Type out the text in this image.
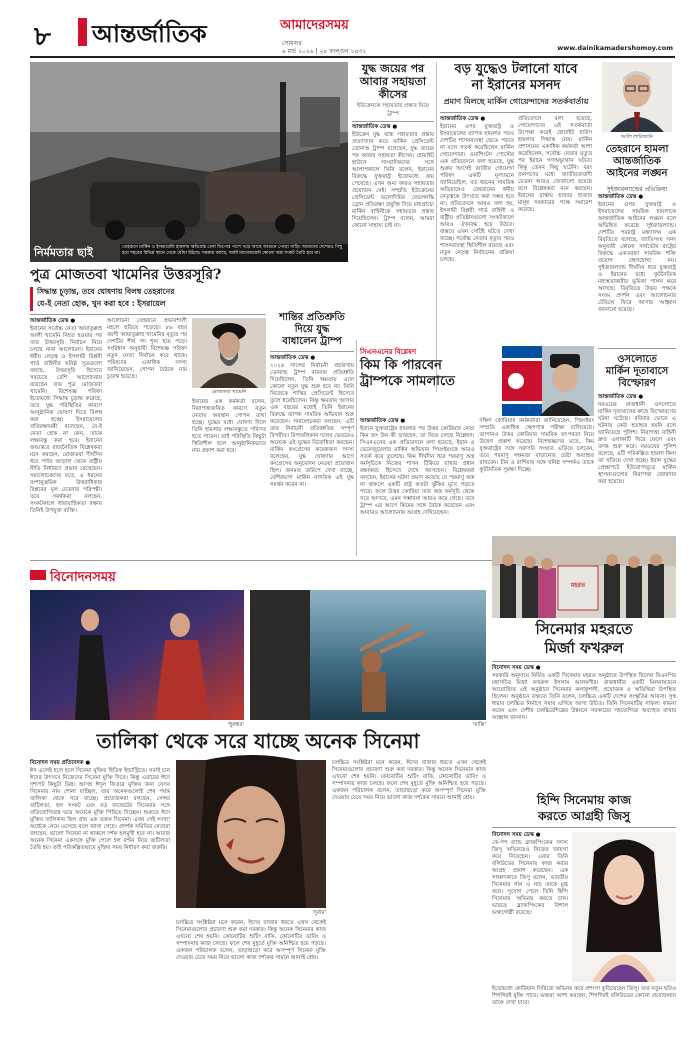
৮ আন্তর্জাতিক	আমাদেরসময়
সোমবার
৯ মার্চ ২০২৬ | ২৪ ফাল্গুন ১৪৩২	www.dainikamadershomoy.com
তেহরানে মার্কিন ও ইসরায়েলি হামলায় ক্ষতিগ্রস্ত তেল ডিপোর পাশে পড়ে আছে আগুনে পোড়া গাড়ি। আমাদের দেশেরও পিছু হয়ে শহরের বিভিন্ন স্থানে থেকে ধোঁয়া উঠছে। সরকার বলছে, আর্মি ম্যানেজমেন্ট কোনো অস্ত্র সংকট তৈরি হবে না।
নির্মমতার ছাই
যুদ্ধ জয়ের পর
আবার সহায়তা
কীসের
ইউক্রেনকে সহায়তার প্রস্তাব নিয়ে ট্রাম্প
আন্তর্জাতিক ডেস্ক ●
ইউক্রেন যুদ্ধ বন্ধে সহায়তার প্রস্তাব প্রত্যাখ্যান করে মার্কিন প্রেসিডেন্ট ডোনাল্ড ট্রাম্প বলেছেন, যুদ্ধ জয়ের পর আবার সহায়তা কীসের। হোয়াইট হাউসে সাংবাদিকদের সঙ্গে আলাপকালে তিনি বলেন, ইরানের বিরুদ্ধে যুক্তরাষ্ট্র ইতোমধ্যে জয় পেয়েছে। এখন অন্য কারও সহায়তার প্রয়োজন নেই। সম্প্রতি ইউক্রেনের প্রেসিডেন্ট ভলোদিমির জেলেনস্কি ড্রোন প্রতিরক্ষা প্রযুক্তি দিয়ে মধ্যপ্রাচ্যে মার্কিন বাহিনীকে সহায়তার প্রস্তাব দিয়েছিলেন। ট্রাম্প বলেন, আমরা কোনো সাহায্য চাই না।
বড় যুদ্ধেও টলানো যাবে
না ইরানের মসনদ
প্রমাণ মিলছে মার্কিন গোয়েন্দাদের সতর্কবার্তায়
আন্তর্জাতিক ডেস্ক ●
ইরানের ওপর যুক্তরাষ্ট্র ও ইসরায়েলের ব্যাপক হামলার পরও দেশটির শাসনব্যবস্থা ভেঙে পড়বে না বলে সতর্ক করেছিলেন মার্কিন গোয়েন্দারা। ওয়াশিংটন পোস্টের এক প্রতিবেদনে বলা হয়েছে, যুদ্ধ শুরুর আগেই জাতীয় গোয়েন্দা পরিষদ একটি মূল্যায়নে জানিয়েছিল, বড় ধরনের সামরিক অভিযানেও তেহরানের ধর্মীয় নেতৃত্বকে উৎখাত করা সম্ভব হবে না। প্রতিবেদনে আরও বলা হয়, ইসলামী বিপ্লবী গার্ড বাহিনী ও রাষ্ট্রীয় প্রতিষ্ঠানগুলো সংকটকালে আরও ঐক্যবদ্ধ হয়ে উঠবে। বাস্তবে এখন সেটিই ঘটতে দেখা যাচ্ছে। সর্বোচ্চ নেতার মৃত্যুর পরও শাসনব্যবস্থা স্থিতিশীল রয়েছে এবং নতুন নেতৃত্ব নির্বাচনের প্রক্রিয়া চলছে।
প্রতিবেদনে বলা হয়েছে, গোয়েন্দাদের এই সতর্কবার্তা উপেক্ষা করেই হোয়াইট হাউস হামলার সিদ্ধান্ত নেয়। মার্কিন প্রশাসনের একাধিক কর্মকর্তা আশা করেছিলেন, সর্বোচ্চ নেতার মৃত্যুর পর ইরানে গণঅভ্যুত্থান ঘটবে। কিন্তু তেমন কিছু ঘটেনি। বরং জনগণের মধ্যে জাতীয়তাবাদী চেতনা আরও জোরালো হয়েছে বলে বিশ্লেষকরা মনে করছেন। ইরানের রাস্তায় হাজার হাজার মানুষ সরকারের পক্ষে সমাবেশ করেছে।
আলি লারিজানি
তেহরানে হামলা
আন্তর্জাতিক
আইনের লঙ্ঘন
সুইজারল্যান্ডের প্রতিক্রিয়া
আন্তর্জাতিক ডেস্ক ●
ইরানের ওপর যুক্তরাষ্ট্র ও ইসরায়েলের সামরিক হামলাকে আন্তর্জাতিক আইনের লঙ্ঘন বলে অভিহিত করেছে সুইজারল্যান্ড। দেশটির পররাষ্ট্র মন্ত্রণালয় এক বিবৃতিতে বলেছে, জাতিসংঘ সনদ অনুযায়ী কোনো সার্বভৌম রাষ্ট্রের বিরুদ্ধে একতরফা সামরিক শক্তি প্রয়োগ গ্রহণযোগ্য নয়। সুইজারল্যান্ড দীর্ঘদিন ধরে যুক্তরাষ্ট্র ও ইরানের মধ্যে কূটনৈতিক মধ্যস্থতাকারীর ভূমিকা পালন করে আসছে। বিবৃতিতে উভয় পক্ষকে সংযম প্রদর্শন এবং আলোচনার টেবিলে ফিরে আসার আহ্বান জানানো হয়েছে।
ওসলোতে
মার্কিন দূতাবাসে
বিস্ফোরণ
আন্তর্জাতিক ডেস্ক ●
নরওয়ের রাজধানী ওসলোতে মার্কিন দূতাবাসের কাছে বিস্ফোরণের ঘটনা ঘটেছে। রবিবার ভোরে এ ঘটনায় কেউ হতাহত হয়নি বলে জানিয়েছে পুলিশ। নিরাপত্তা বাহিনী দ্রুত এলাকাটি ঘিরে ফেলে এবং তদন্ত শুরু করে। নরওয়ের পুলিশ বলেছে, এটি পরিকল্পিত হামলা কিনা তা খতিয়ে দেখা হচ্ছে। ইরান যুদ্ধের প্রেক্ষাপটে ইউরোপজুড়ে মার্কিন স্থাপনাগুলোর নিরাপত্তা জোরদার করা হয়েছে।
পুত্র মোজতবা খামেনির উত্তরসূরি?
সিদ্ধান্ত চূড়ান্ত, তবে ঘোষণায় বিলম্ব তেহরানের
যে-ই নেতা হোক, খুন করা হবে : ইসরায়েল
আন্তর্জাতিক ডেস্ক ●
ইরানের সর্বোচ্চ নেতা আয়াতুল্লাহ আলী খামেনি নিহত হওয়ার পর তার উত্তরসূরি নির্বাচন নিয়ে চলছে নানা আলোচনা। ইরানের ধর্মীয় নেতৃত্ব ও ইসলামী বিপ্লবী গার্ড বাহিনীর ঘনিষ্ঠ সূত্রগুলো বলছে, উত্তরসূরি হিসেবে সবচেয়ে বেশি আলোচনায় রয়েছেন তার পুত্র মোজতবা খামেনি। বিশেষজ্ঞ পরিষদ ইতোমধ্যে সিদ্ধান্ত চূড়ান্ত করেছে, তবে যুদ্ধ পরিস্থিতির কারণে আনুষ্ঠানিক ঘোষণা দিতে বিলম্ব করা হচ্ছে। ইসরায়েলের প্রতিরক্ষামন্ত্রী বলেছেন, যে-ই নেতা হোক না কেন, তাকে লক্ষ্যবস্তু করা হবে। ইরানের অভ্যন্তরে রাজনৈতিক বিশ্লেষকরা মনে করছেন, মোজতবা দীর্ঘদিন ধরে পর্দার আড়াল থেকে রাষ্ট্রীয় নীতি নির্ধারণে প্রভাব রেখেছেন। সমালোচকদের মতে, এ ধরনের বংশানুক্রমিক উত্তরাধিকার বিপ্লবের মূল চেতনার পরিপন্থী। তবে সমর্থকরা বলছেন, সংকটকালে ধারাবাহিকতা রক্ষায় তিনিই উপযুক্ত ব্যক্তি।
আলোচনা তেহরানে প্রভাবশালী মহলে ছড়িয়ে পড়েছে। ৮৬ বছর বয়সী আয়াতুল্লাহ খামেনির মৃত্যুর পর দেশটির শীর্ষ পদ শূন্য হয়ে পড়ে। সংবিধান অনুযায়ী বিশেষজ্ঞ পরিষদ নতুন নেতা নির্বাচন করে থাকে। পরিষদের একাধিক সদস্য জানিয়েছেন, গোপন বৈঠকে নাম চূড়ান্ত হয়েছে।
মোজতবা খামেনি
ইরানের এক কর্মকর্তা বলেন, নিরাপত্তাজনিত কারণে নতুন নেতার অবস্থান গোপন রাখা হচ্ছে। যুদ্ধের মধ্যে ঘোষণা দিলে তিনি হামলার লক্ষ্যবস্তুতে পরিণত হতে পারেন। তাই পরিস্থিতি কিছুটা স্থিতিশীল হলে আনুষ্ঠানিকভাবে নাম প্রকাশ করা হবে।
শান্তির প্রতিশ্রুতি
দিয়ে যুদ্ধ
বাধালেন ট্রাম্প
আন্তর্জাতিক ডেস্ক ●
২০২৪ সালের নির্বাচনী প্রচারণায় ডোনাল্ড ট্রাম্প বারবার প্রতিশ্রুতি দিয়েছিলেন, তিনি ক্ষমতায় এলে কোনো নতুন যুদ্ধ শুরু হবে না। তিনি নিজেকে শান্তির প্রেসিডেন্ট হিসেবে তুলে ধরেছিলেন। কিন্তু ক্ষমতায় আসার এক বছরের মধ্যেই তিনি ইরানের বিরুদ্ধে ব্যাপক সামরিক অভিযান শুরু করেছেন। সমালোচকরা বলছেন, এটি তার নির্বাচনী প্রতিশ্রুতির সম্পূর্ণ বিপরীত। রিপাবলিকান দলের ভেতরেও অনেকে এই যুদ্ধের বিরোধিতা করছেন। মার্কিন কংগ্রেসের কয়েকজন সদস্য বলেছেন, যুদ্ধ ঘোষণার আগে কংগ্রেসের অনুমোদন নেওয়া প্রয়োজন ছিল। জনমত জরিপে দেখা যাচ্ছে, বেশিরভাগ মার্কিন নাগরিক এই যুদ্ধ সমর্থন করেন না।
সিএনএনের বিশ্লেষণ
কিম কি পারবেন
ট্রাম্পকে সামলাতে
আন্তর্জাতিক ডেস্ক ●
ইরানে যুক্তরাষ্ট্রের হামলার পর উত্তর কোরিয়ার নেতা কিম জং উন কী ভাবছেন, তা নিয়ে চলছে বিশ্লেষণ। সিএনএনের এক প্রতিবেদনে বলা হয়েছে, ইরান ও ভেনেজুয়েলায় মার্কিন অভিযান পিয়ংইয়ংকে আরও সতর্ক করে তুলেছে। কিম দীর্ঘদিন ধরে পরমাণু অস্ত্র কর্মসূচিকে নিজের শাসন টিকিয়ে রাখার প্রধান রক্ষাকবচ হিসেবে দেখে আসছেন। বিশ্লেষকরা বলছেন, ইরানের ঘটনা প্রমাণ করেছে যে পরমাণু অস্ত্র না থাকলে একটি রাষ্ট্র কতটা ঝুঁকির মুখে পড়তে পারে। ফলে উত্তর কোরিয়া তার অস্ত্র কর্মসূচি থেকে সরে আসবে, এমন সম্ভাবনা আরও কমে গেছে। তবে ট্রাম্প এর আগে কিমের সঙ্গে বৈঠক করেছেন এবং আবারও আলোচনায় আগ্রহ দেখিয়েছেন।
দক্ষিণ কোরিয়ার কর্মকর্তারা জানিয়েছেন, পিয়ংইয়ং সম্প্রতি একাধিক ক্ষেপণাস্ত্র পরীক্ষা চালিয়েছে। জাপানও উত্তর কোরিয়ার সামরিক তৎপরতা নিয়ে উদ্বেগ প্রকাশ করেছে। বিশেষজ্ঞদের মতে, কিম যুক্তরাষ্ট্রের সঙ্গে সরাসরি সংঘাত এড়িয়ে চলবেন, তবে পরমাণু সক্ষমতা বাড়ানোর চেষ্টা অব্যাহত রাখবেন। চীন ও রাশিয়ার সঙ্গে ঘনিষ্ঠ সম্পর্কও তাকে কূটনৈতিক সুরক্ষা দিচ্ছে।
বিনোদনসময়
'ধুরন্ধর'	'মাস্তি'
মহরত
সিনেমার মহরতে
মির্জা ফখরুল
বিনোদন সময় ডেস্ক ●
সরকারি অনুদানে নির্মিত একটি সিনেমার মহরত অনুষ্ঠানে উপস্থিত ছিলেন বিএনপির মহাসচিব মির্জা ফখরুল ইসলাম আলমগীর। রাজধানীর একটি মিলনায়তনে আয়োজিত এই অনুষ্ঠানে সিনেমার কলাকুশলী, প্রযোজক ও অতিথিরা উপস্থিত ছিলেন। অনুষ্ঠানে বক্তব্যে তিনি বলেন, চলচ্চিত্র একটি দেশের সংস্কৃতির আয়না। সুস্থ ধারার চলচ্চিত্র নির্মাণে সবার এগিয়ে আসা উচিত। তিনি সিনেমাটির সাফল্য কামনা করেন এবং দেশীয় চলচ্চিত্রশিল্পের উন্নয়নে সরকারের সহযোগিতা অব্যাহত রাখার আহ্বান জানান।
তালিকা থেকে সরে যাচ্ছে অনেক সিনেমা
বিনোদন সময় প্রতিবেদক ●
ঈদ এলেই হলে হলে সিনেমা মুক্তির হিড়িক ইন্ডাস্ট্রিতে। সবাই চান ঈদের উৎসবে নিজেদের সিনেমা মুক্তি দিতে। কিন্তু এবারের ঈদে দৃশ্যপট কিছুটা ভিন্ন। আসন্ন ঈদুল ফিতরে মুক্তির জন্য যেসব সিনেমার নাম শোনা যাচ্ছিল, তার অনেকগুলোই শেষ পর্যন্ত তালিকা থেকে সরে যাচ্ছে। প্রযোজকরা বলছেন, সেন্সর জটিলতা, হল সংকট এবং বড় বাজেটের সিনেমার সঙ্গে প্রতিযোগিতার ভয়ে অনেকে মুক্তি পিছিয়ে দিচ্ছেন। শুরুতে ঈদে মুক্তির তালিকায় ছিল প্রায় এক ডজন সিনেমা। এখন সেই সংখ্যা অর্ধেকে নেমে এসেছে বলে জানা গেছে। প্রদর্শক সমিতির নেতারা বলছেন, ভালো সিনেমা না থাকলে দর্শক হলমুখী হবে না। আবার অনেক সিনেমা একসঙ্গে মুক্তি পেলে হল বণ্টন নিয়ে জটিলতা তৈরি হয়। তাই পরিকল্পিতভাবে মুক্তির সময় নির্ধারণ করা জরুরি।
'দুর্বার'
চলচ্চিত্র সংশ্লিষ্টরা মনে করেন, ঈদের বাজার ধরতে এখন থেকেই সিনেমাগুলোর প্রচারণা শুরু করা দরকার। কিন্তু অনেক সিনেমার কাজ এখনো শেষ হয়নি। কোনোটির শুটিং বাকি, কোনোটির ডাবিং ও সম্পাদনার কাজ চলছে। ফলে শেষ মুহূর্তে মুক্তি অনিশ্চিত হয়ে পড়ছে। একজন পরিচালক বলেন, তাড়াহুড়ো করে অসম্পূর্ণ সিনেমা মুক্তি দেওয়ার চেয়ে সময় নিয়ে ভালো কাজ দর্শকের সামনে আনাই শ্রেয়।
চলচ্চিত্র সংশ্লিষ্টরা মনে করেন, ঈদের বাজার ধরতে এখন থেকেই সিনেমাগুলোর প্রচারণা শুরু করা দরকার। কিন্তু অনেক সিনেমার কাজ এখনো শেষ হয়নি। কোনোটির শুটিং বাকি, কোনোটির ডাবিং ও সম্পাদনার কাজ চলছে। ফলে শেষ মুহূর্তে মুক্তি অনিশ্চিত হয়ে পড়ছে। একজন পরিচালক বলেন, তাড়াহুড়ো করে অসম্পূর্ণ সিনেমা মুক্তি দেওয়ার চেয়ে সময় নিয়ে ভালো কাজ দর্শকের সামনে আনাই শ্রেয়।	হিন্দি সিনেমায় কাজ
করতে আগ্রহী জিসু
বিনোদন সময় ডেস্ক ●
কে-পপ ব্যান্ড ব্ল্যাকপিংকের সদস্য জিসু অভিনয়েও নিজের জায়গা করে নিয়েছেন। এবার তিনি বলিউডের সিনেমায় কাজ করার আগ্রহ প্রকাশ করেছেন। এক সাক্ষাৎকারে জিসু বলেন, ভারতীয় সিনেমার গান ও নাচ তাকে মুগ্ধ করে। সুযোগ পেলে তিনি হিন্দি সিনেমায় অভিনয় করতে চান। ভারতে ব্ল্যাকপিংকের বিশাল ভক্তগোষ্ঠী রয়েছে।
ইতোমধ্যে কোরিয়ান সিরিজে অভিনয় করে প্রশংসা কুড়িয়েছেন জিসু। তার নতুন ছবিও শিগগিরই মুক্তি পাবে। ভক্তরা আশা করছেন, শিগগিরই বলিউডের কোনো প্রযোজনায় তাকে দেখা যাবে।
